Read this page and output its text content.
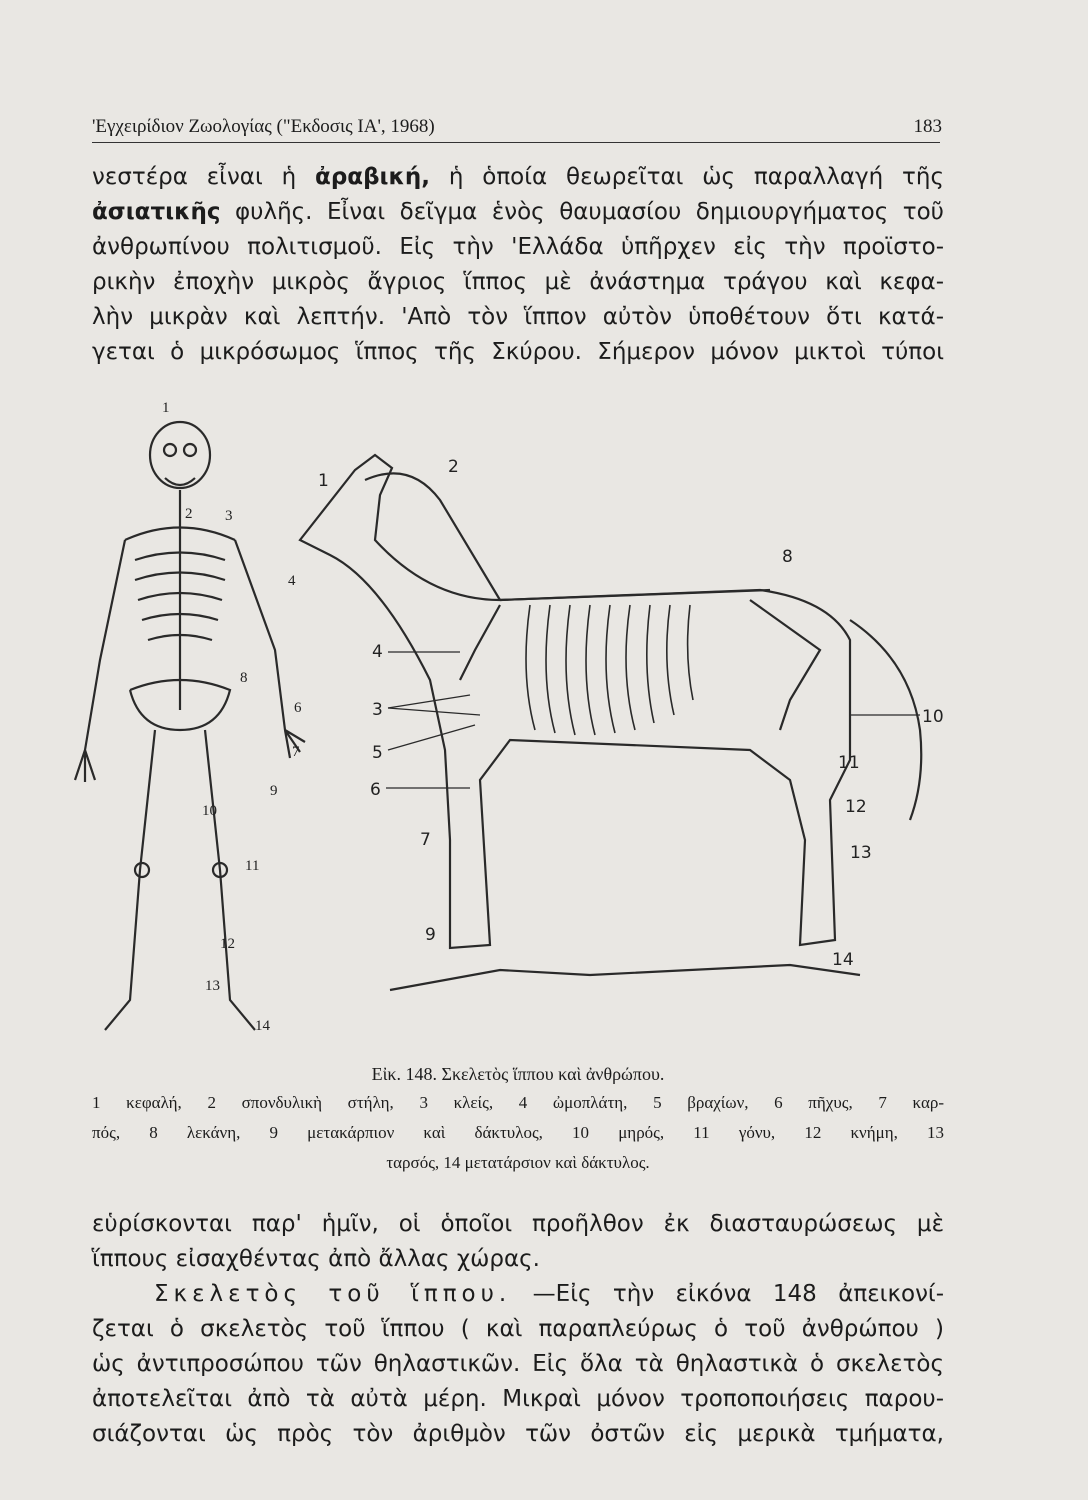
'Εγχειρίδιον Ζωολογίας ("Εκδοσις ΙΑ', 1968)	183
νεστέρα εἶναι ἡ ἀραβική, ἡ ὁποία θεωρεῖται ὡς παραλλαγή τῆς
ἀσιατικῆς φυλῆς. Εἶναι δεῖγμα ἑνὸς θαυμασίου δημιουργήματος τοῦ
ἀνθρωπίνου πολιτισμοῦ. Εἰς τὴν 'Ελλάδα ὑπῆρχεν εἰς τὴν προϊστο-
ρικὴν ἐποχὴν μικρὸς ἄγριος ἵππος μὲ ἀνάστημα τράγου καὶ κεφα-
λὴν μικρὰν καὶ λεπτήν. 'Απὸ τὸν ἵππον αὐτὸν ὑποθέτουν ὅτι κατά-
γεται ὁ μικρόσωμος ἵππος τῆς Σκύρου. Σήμερον μόνον μικτοὶ τύποι
1
2 3
4
8
6
7
9
10
11
12
13
14
1
2
8
4
3
5
6
7
9
10
11
12
13
14
Εἰκ. 148. Σκελετὸς ἵππου καὶ ἀνθρώπου.
1 κεφαλή, 2 σπονδυλικὴ στήλη, 3 κλείς, 4 ὠμοπλάτη, 5 βραχίων, 6 πῆχυς, 7 καρ-
πός, 8 λεκάνη, 9 μετακάρπιον καὶ δάκτυλος, 10 μηρός, 11 γόνυ, 12 κνήμη, 13
ταρσός, 14 μετατάρσιον καὶ δάκτυλος.
εὑρίσκονται παρ' ἡμῖν, οἱ ὁποῖοι προῆλθον ἐκ διασταυρώσεως μὲ
ἵππους εἰσαχθέντας ἀπὸ ἄλλας χώρας.
Σκελετὸς τοῦ ἵππου. —Εἰς τὴν εἰκόνα 148 ἀπεικονί-
ζεται ὁ σκελετὸς τοῦ ἵππου ( καὶ παραπλεύρως ὁ τοῦ ἀνθρώπου )
ὡς ἀντιπροσώπου τῶν θηλαστικῶν. Εἰς ὅλα τὰ θηλαστικὰ ὁ σκελετὸς
ἀποτελεῖται ἀπὸ τὰ αὐτὰ μέρη. Μικραὶ μόνον τροποποιήσεις παρου-
σιάζονται ὡς πρὸς τὸν ἀριθμὸν τῶν ὀστῶν εἰς μερικὰ τμήματα,
